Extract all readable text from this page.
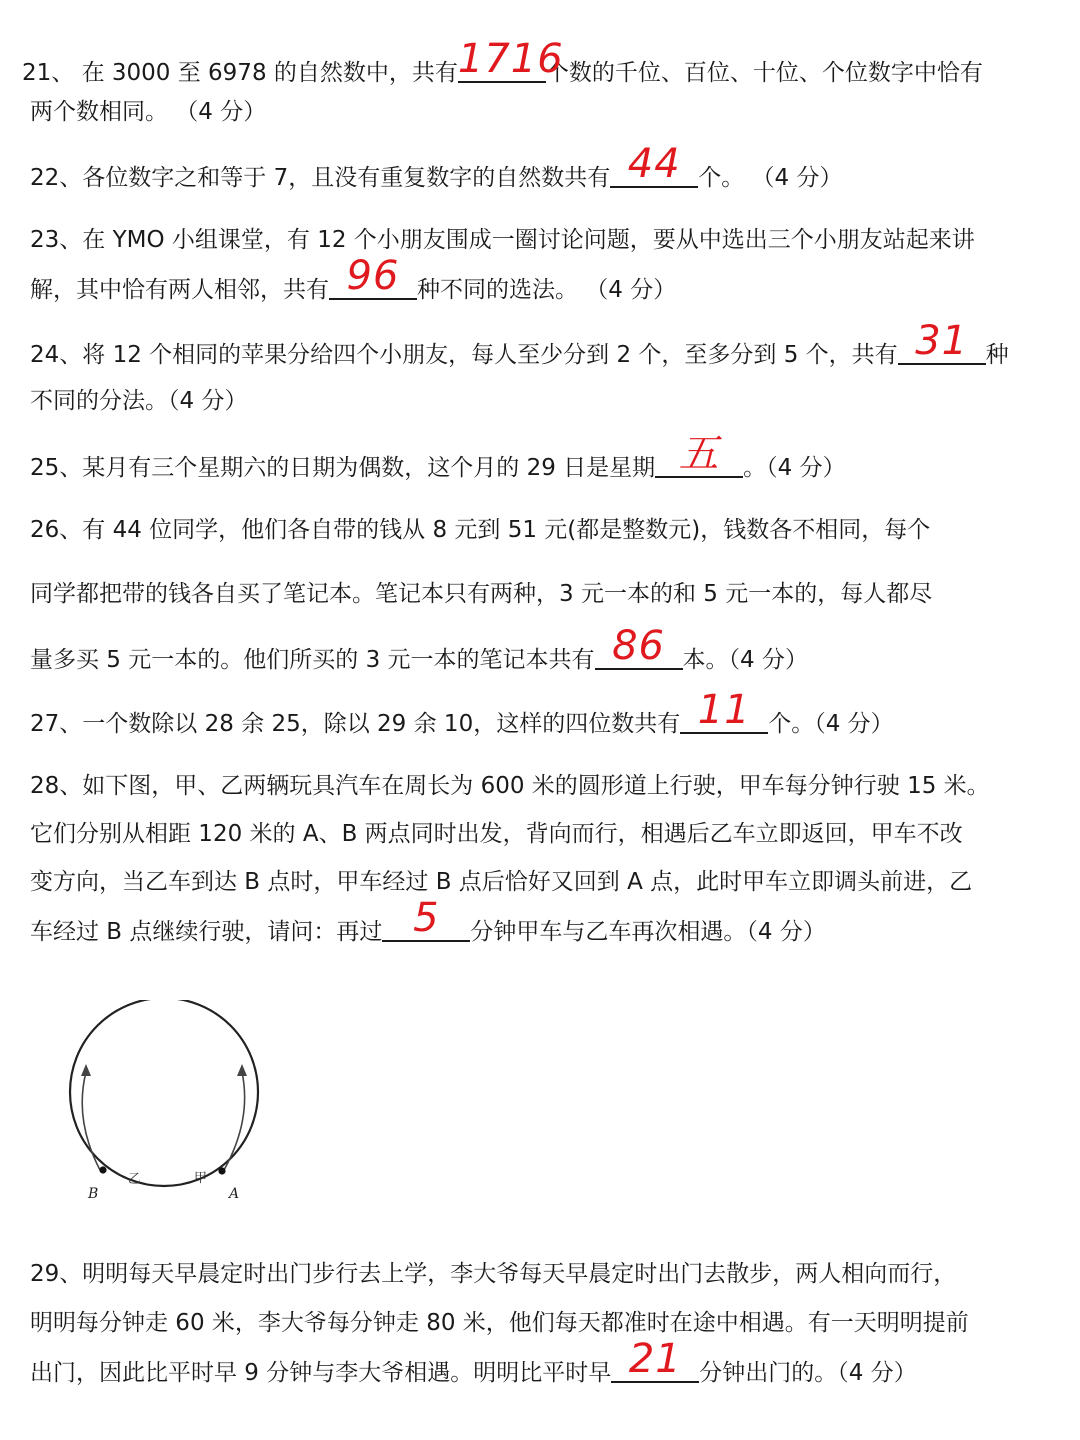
21、 在 3000 至 6978 的自然数中，共有 1716
个数的千位、百位、十位、个位数字中恰有
两个数相同。 （4 分）
22、各位数字之和等于 7，且没有重复数字的自然数共有 44 个。 （4 分）
23、在 YMO 小组课堂，有 12 个小朋友围成一圈讨论问题，要从中选出三个小朋友站起来讲
解，其中恰有两人相邻，共有 96 种不同的选法。 （4 分）
24、将 12 个相同的苹果分给四个小朋友，每人至少分到 2 个，至多分到 5 个，共有 31 种
不同的分法。（4 分）
25、某月有三个星期六的日期为偶数，这个月的 29 日是星期 五	。（4 分）
26、有 44 位同学，他们各自带的钱从 8 元到 51 元(都是整数元)，钱数各不相同，每个
同学都把带的钱各自买了笔记本。笔记本只有两种，3 元一本的和 5 元一本的，每人都尽
量多买 5 元一本的。他们所买的 3 元一本的笔记本共有 86 本。（4 分）
27、一个数除以 28 余 25，除以 29 余 10，这样的四位数共有 11 个。（4 分）
28、如下图，甲、乙两辆玩具汽车在周长为 600 米的圆形道上行驶，甲车每分钟行驶 15 米。
它们分别从相距 120 米的 A、B 两点同时出发，背向而行，相遇后乙车立即返回，甲车不改
变方向，当乙车到达 B 点时，甲车经过 B 点后恰好又回到 A 点，此时甲车立即调头前进，乙
车经过 B 点继续行驶，请问：再过 5	分钟甲车与乙车再次相遇。（4 分）
29、明明每天早晨定时出门步行去上学，李大爷每天早晨定时出门去散步，两人相向而行，
明明每分钟走 60 米，李大爷每分钟走 80 米，他们每天都准时在途中相遇。有一天明明提前
出门，因此比平时早 9 分钟与李大爷相遇。明明比平时早 21 分钟出门的。（4 分）
B	A
乙	甲
